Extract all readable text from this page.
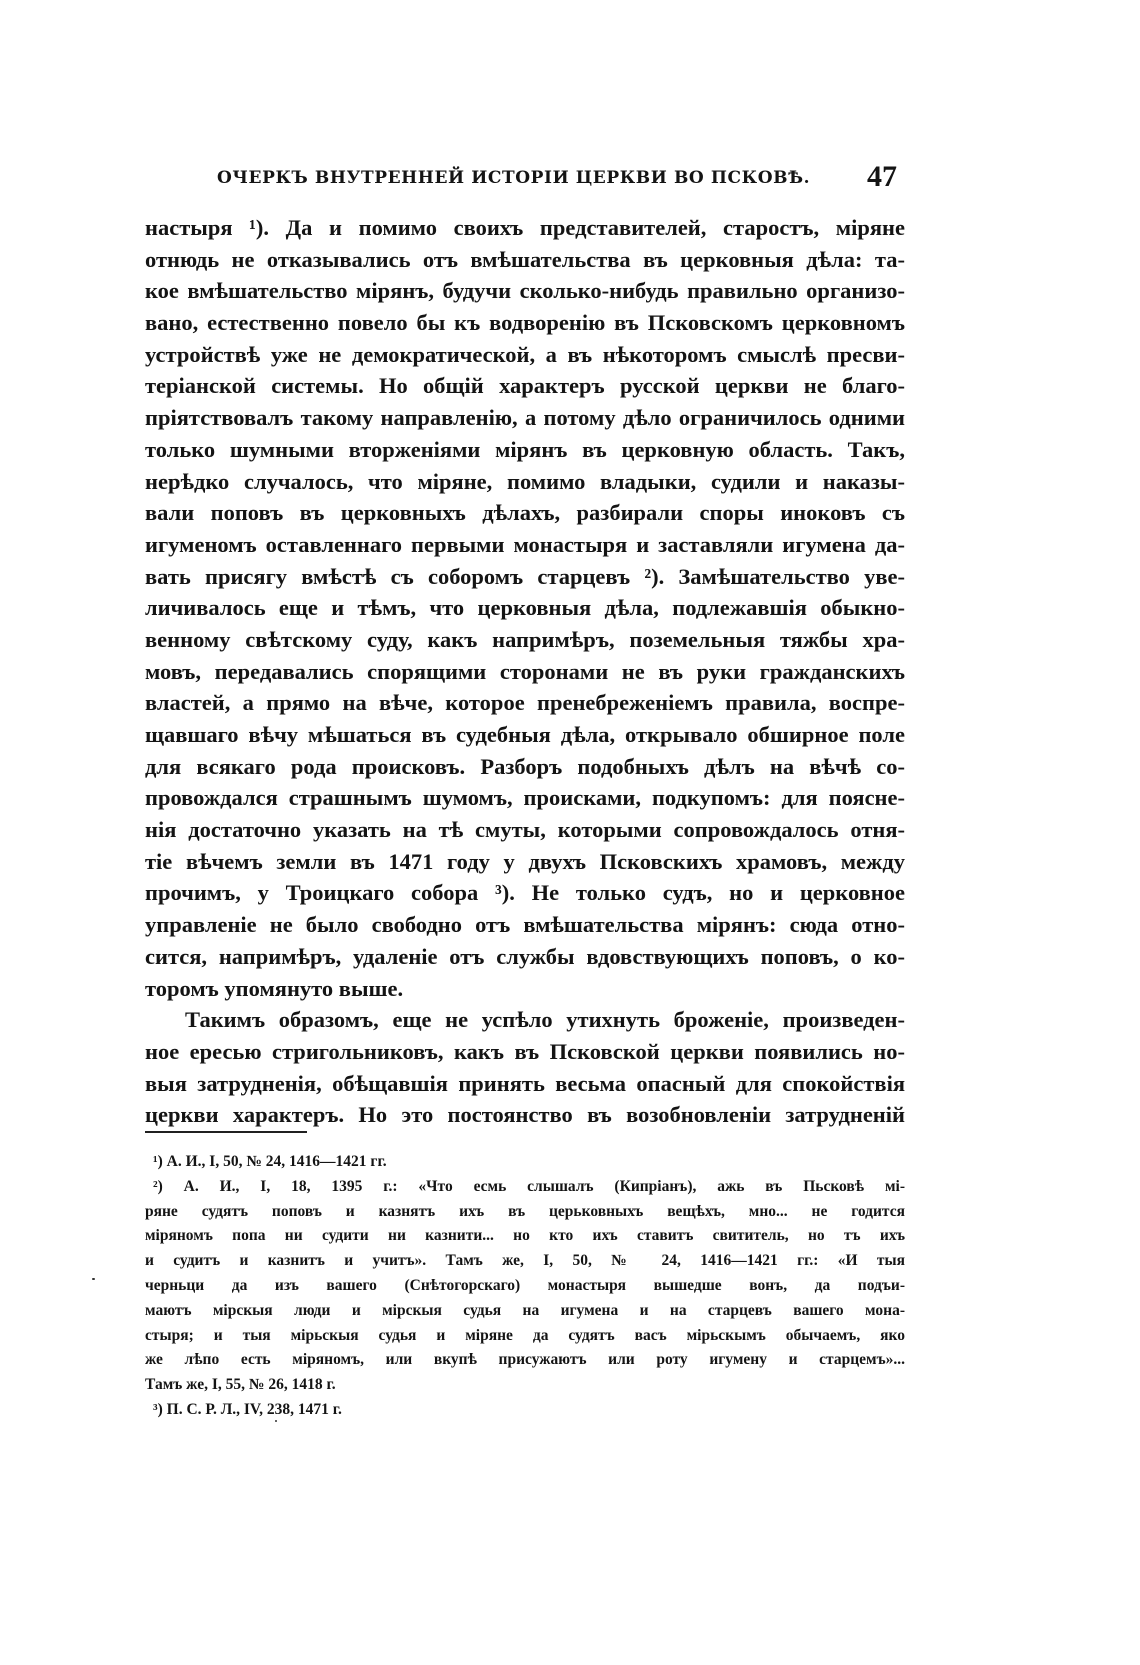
ОЧЕРКЪ ВНУТРЕННЕЙ ИСТОРІИ ЦЕРКВИ ВО ПСКОВѢ. 47
настыря ¹). Да и помимо своихъ представителей, старостъ, міряне
отнюдь не отказывались отъ вмѣшательства въ церковныя дѣла: та-
кое вмѣшательство мірянъ, будучи сколько-нибудь правильно организо-
вано, естественно повело бы къ водворенію въ Псковскомъ церковномъ
устройствѣ уже не демократической, а въ нѣкоторомъ смыслѣ пресви-
теріанской системы. Но общій характеръ русской церкви не благо-
пріятствовалъ такому направленію, а потому дѣло ограничилось одними
только шумными вторженіями мірянъ въ церковную область. Такъ,
нерѣдко случалось, что міряне, помимо владыки, судили и наказы-
вали поповъ въ церковныхъ дѣлахъ, разбирали споры иноковъ съ
игуменомъ оставленнаго первыми монастыря и заставляли игумена да-
вать присягу вмѣстѣ съ соборомъ старцевъ ²). Замѣшательство уве-
личивалось еще и тѣмъ, что церковныя дѣла, подлежавшія обыкно-
венному свѣтскому суду, какъ напримѣръ, поземельныя тяжбы хра-
мовъ, передавались спорящими сторонами не въ руки гражданскихъ
властей, а прямо на вѣче, которое пренебреженіемъ правила, воспре-
щавшаго вѣчу мѣшаться въ судебныя дѣла, открывало обширное поле
для всякаго рода происковъ. Разборъ подобныхъ дѣлъ на вѣчѣ со-
провождался страшнымъ шумомъ, происками, подкупомъ: для поясне-
нія достаточно указать на тѣ смуты, которыми сопровождалось отня-
тіе вѣчемъ земли въ 1471 году у двухъ Псковскихъ храмовъ, между
прочимъ, у Троицкаго собора ³). Не только судъ, но и церковное
управленіе не было свободно отъ вмѣшательства мірянъ: сюда отно-
сится, напримѣръ, удаленіе отъ службы вдовствующихъ поповъ, о ко-
торомъ упомянуто выше.
Такимъ образомъ, еще не успѣло утихнуть броженіе, произведен-
ное ересью стригольниковъ, какъ въ Псковской церкви появились но-
выя затрудненія, обѣщавшія принять весьма опасный для спокойствія
церкви характеръ. Но это постоянство въ возобновленіи затрудненій
¹) А. И., I, 50, № 24, 1416—1421 гг.
²) А. И., I, 18, 1395 г.: «Что есмь слышалъ (Кипріанъ), ажь въ Пьсковѣ мі-
ряне судятъ поповъ и казнятъ ихъ въ церьковныхъ вещѣхъ, мно... не годится
міряномъ попа ни судити ни казнити... но кто ихъ ставитъ свититель, но тъ ихъ
и судитъ и казнитъ и учитъ». Тамъ же, I, 50, № 24, 1416—1421 гг.: «И тыя
черньци да изъ вашего (Снѣтогорскаго) монастыря вышедше вонъ, да подъи-
маютъ мірскыя люди и мірскыя судья на игумена и на старцевъ вашего мона-
стыря; и тыя мірьскыя судья и міряне да судятъ васъ мірьскымъ обычаемъ, яко
же лѣпо есть міряномъ, или вкупѣ присужаютъ или роту игумену и старцемъ»...
Тамъ же, I, 55, № 26, 1418 г.
³) П. С. Р. Л., IV, 238, 1471 г.
